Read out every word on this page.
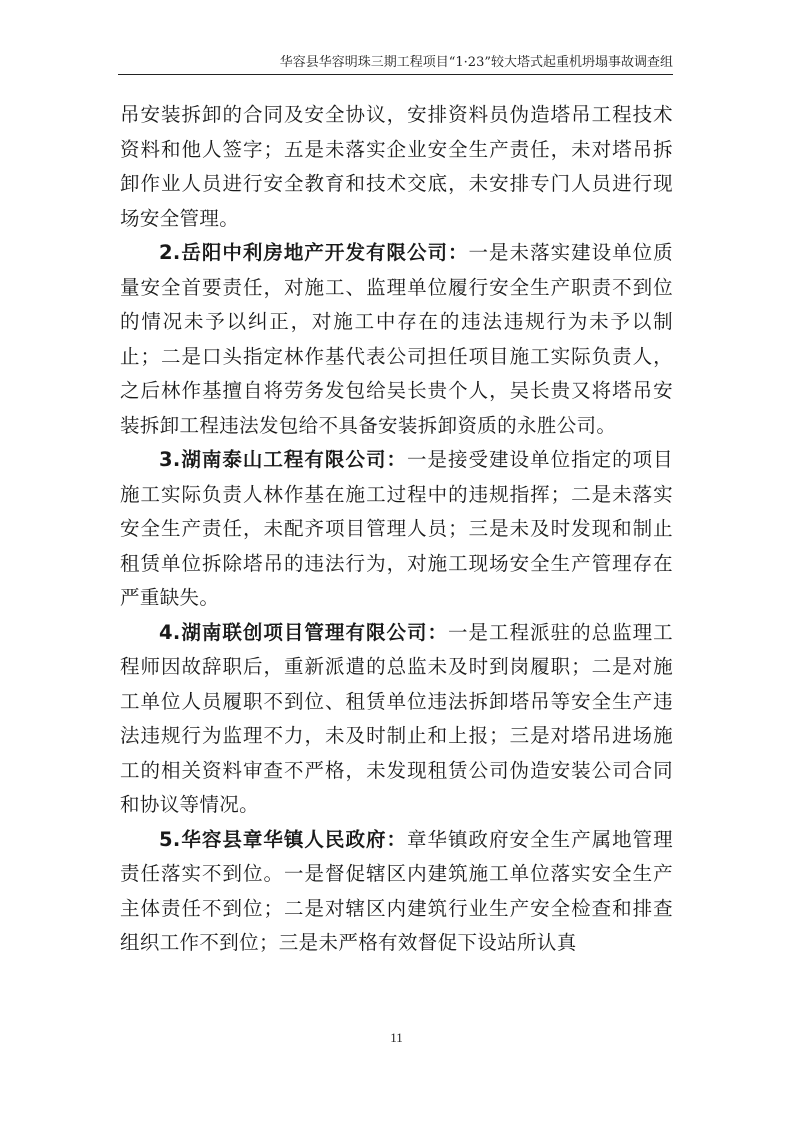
华容县华容明珠三期工程项目“1·23”较大塔式起重机坍塌事故调查组

吊安装拆卸的合同及安全协议，安排资料员伪造塔吊工程技术资料和他人签字；五是未落实企业安全生产责任，未对塔吊拆卸作业人员进行安全教育和技术交底，未安排专门人员进行现场安全管理。

2.岳阳中利房地产开发有限公司：一是未落实建设单位质量安全首要责任，对施工、监理单位履行安全生产职责不到位的情况未予以纠正，对施工中存在的违法违规行为未予以制止；二是口头指定林作基代表公司担任项目施工实际负责人，之后林作基擅自将劳务发包给吴长贵个人，吴长贵又将塔吊安装拆卸工程违法发包给不具备安装拆卸资质的永胜公司。

3.湖南泰山工程有限公司：一是接受建设单位指定的项目施工实际负责人林作基在施工过程中的违规指挥；二是未落实安全生产责任，未配齐项目管理人员；三是未及时发现和制止租赁单位拆除塔吊的违法行为，对施工现场安全生产管理存在严重缺失。

4.湖南联创项目管理有限公司：一是工程派驻的总监理工程师因故辞职后，重新派遣的总监未及时到岗履职；二是对施工单位人员履职不到位、租赁单位违法拆卸塔吊等安全生产违法违规行为监理不力，未及时制止和上报；三是对塔吊进场施工的相关资料审查不严格，未发现租赁公司伪造安装公司合同和协议等情况。

5.华容县章华镇人民政府：章华镇政府安全生产属地管理责任落实不到位。一是督促辖区内建筑施工单位落实安全生产主体责任不到位；二是对辖区内建筑行业生产安全检查和排查组织工作不到位；三是未严格有效督促下设站所认真

11
